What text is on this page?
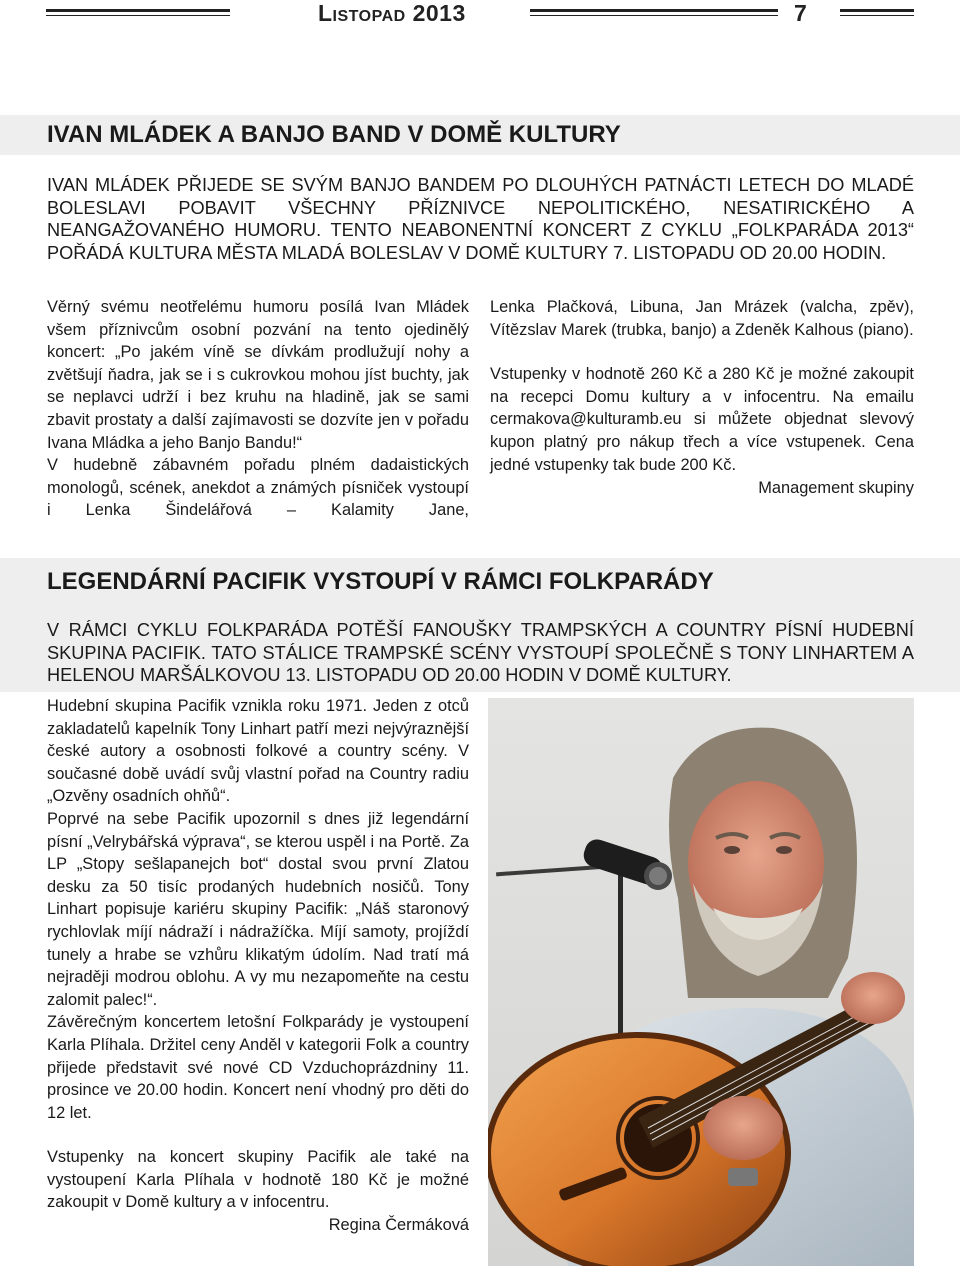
Listopad 2013	7
IVAN MLÁDEK A BANJO BAND V DOMĚ KULTURY
IVAN MLÁDEK PŘIJEDE SE SVÝM BANJO BANDEM PO DLOUHÝCH PATNÁCTI LETECH DO MLADÉ BOLESLAVI POBAVIT VŠECHNY PŘÍZNIVCE NEPOLITICKÉHO, NESATIRICKÉHO A NEANGAŽOVANÉHO HUMORU. TENTO NEABONENTNÍ KONCERT Z CYKLU „FOLKPARÁDA 2013“ POŘÁDÁ KULTURA MĚSTA MLADÁ BOLESLAV V DOMĚ KULTURY 7. LISTOPADU OD 20.00 HODIN.

Věrný svému neotřelému humoru posílá Ivan Mládek všem příznivcům osobní pozvání na tento ojedinělý koncert: „Po jakém víně se dívkám prodlužují nohy a zvětšují ňadra, jak se i s cukrovkou mohou jíst buchty, jak se neplavci udrží i bez kruhu na hladině, jak se sami zbavit prostaty a další zajímavosti se dozvíte jen v pořadu Ivana Mládka a jeho Banjo Bandu!“

V hudebně zábavném pořadu plném dadaistických monologů, scének, anekdot a známých písniček vystoupí i Lenka Šindelářová – Kalamity Jane,

Lenka Plačková, Libuna, Jan Mrázek (valcha, zpěv), Vítězslav Marek (trubka, banjo) a Zdeněk Kalhous (piano).

Vstupenky v hodnotě 260 Kč a 280 Kč je možné zakoupit na recepci Domu kultury a v infocentru. Na emailu cermakova@kulturamb.eu si můžete objednat slevový kupon platný pro nákup třech a více vstupenek. Cena jedné vstupenky tak bude 200 Kč.

Management skupiny

LEGENDÁRNÍ PACIFIK VYSTOUPÍ V RÁMCI FOLKPARÁDY
V RÁMCI CYKLU FOLKPARÁDA POTĚŠÍ FANOUŠKY TRAMPSKÝCH A COUNTRY PÍSNÍ HUDEBNÍ SKUPINA PACIFIK. TATO STÁLICE TRAMPSKÉ SCÉNY VYSTOUPÍ SPOLEČNĚ S TONY LINHARTEM A HELENOU MARŠÁLKOVOU 13. LISTOPADU OD 20.00 HODIN V DOMĚ KULTURY.

Hudební skupina Pacifik vznikla roku 1971. Jeden z otců zakladatelů kapelník Tony Linhart patří mezi nejvýraznější české autory a osobnosti folkové a country scény. V současné době uvádí svůj vlastní pořad na Country radiu „Ozvěny osadních ohňů“.

Poprvé na sebe Pacifik upozornil s dnes již legendární písní „Velrybářská výprava“, se kterou uspěl i na Portě. Za LP „Stopy sešlapanejch bot“ dostal svou první Zlatou desku za 50 tisíc prodaných hudebních nosičů. Tony Linhart popisuje kariéru skupiny Pacifik: „Náš staronový rychlovlak míjí nádraží i nádražíčka. Míjí samoty, projíždí tunely a hrabe se vzhůru klikatým údolím. Nad tratí má nejraději modrou oblohu. A vy mu nezapomeňte na cestu zalomit palec!“.

Závěrečným koncertem letošní Folkparády je vystoupení Karla Plíhala. Držitel ceny Anděl v kategorii Folk a country přijede představit své nové CD Vzduchoprázdniny 11. prosince ve 20.00 hodin. Koncert není vhodný pro děti do 12 let.

Vstupenky na koncert skupiny Pacifik ale také na vystoupení Karla Plíhala v hodnotě 180 Kč je možné zakoupit v Domě kultury a v infocentru.

Regina Čermáková
